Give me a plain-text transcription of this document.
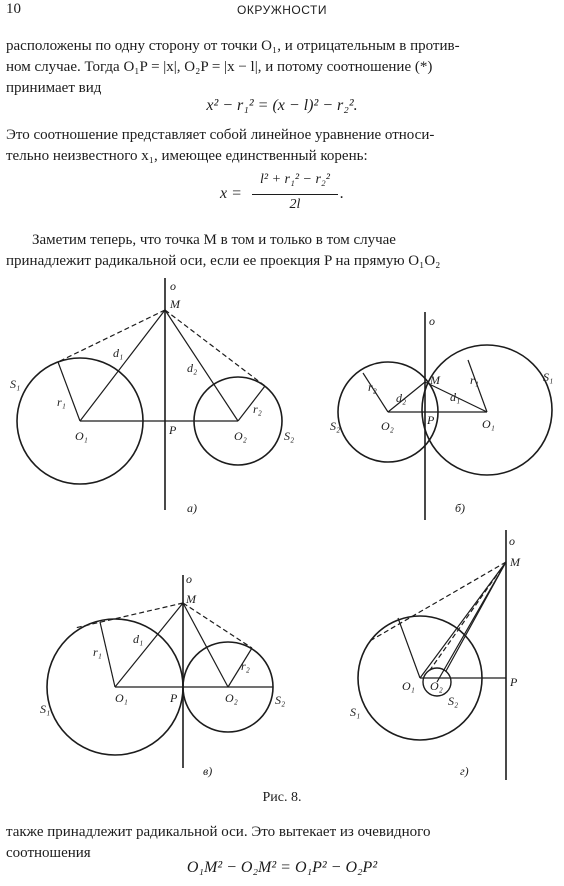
10	ОКРУЖНОСТИ
расположены по одну сторону от точки O₁, и отрицательным в против-
ном случае. Тогда O₁P = |x|, O₂P = |x − l|, и потому соотношение (*)
принимает вид
x² − r₁² = (x − l)² − r₂².
Это соотношение представляет собой линейное уравнение относи-
тельно неизвестного x₁, имеющее единственный корень:
x =
l² + r₁² − r₂²
2l
.
Заметим теперь, что точка M в том и только в том случае
принадлежит радикальной оси, если ее проекция P на прямую O₁O₂
o
M
S₁
r₁
d₁
d₂
r₂
O₁	P	O₂	S₂
а)
o
M	S₁
S₂
r₂	r₁
d₂	d₁
O₂	P	O₁
б)
o
M
r₁
d₁
r₂
O₁	P	O₂	S₂
S₁
в)
o
M
O₁ O₂
S₂
P
S₁
г)
Рис. 8.
также принадлежит радикальной оси. Это вытекает из очевидного
соотношения
O₁M² − O₂M² = O₁P² − O₂P²
